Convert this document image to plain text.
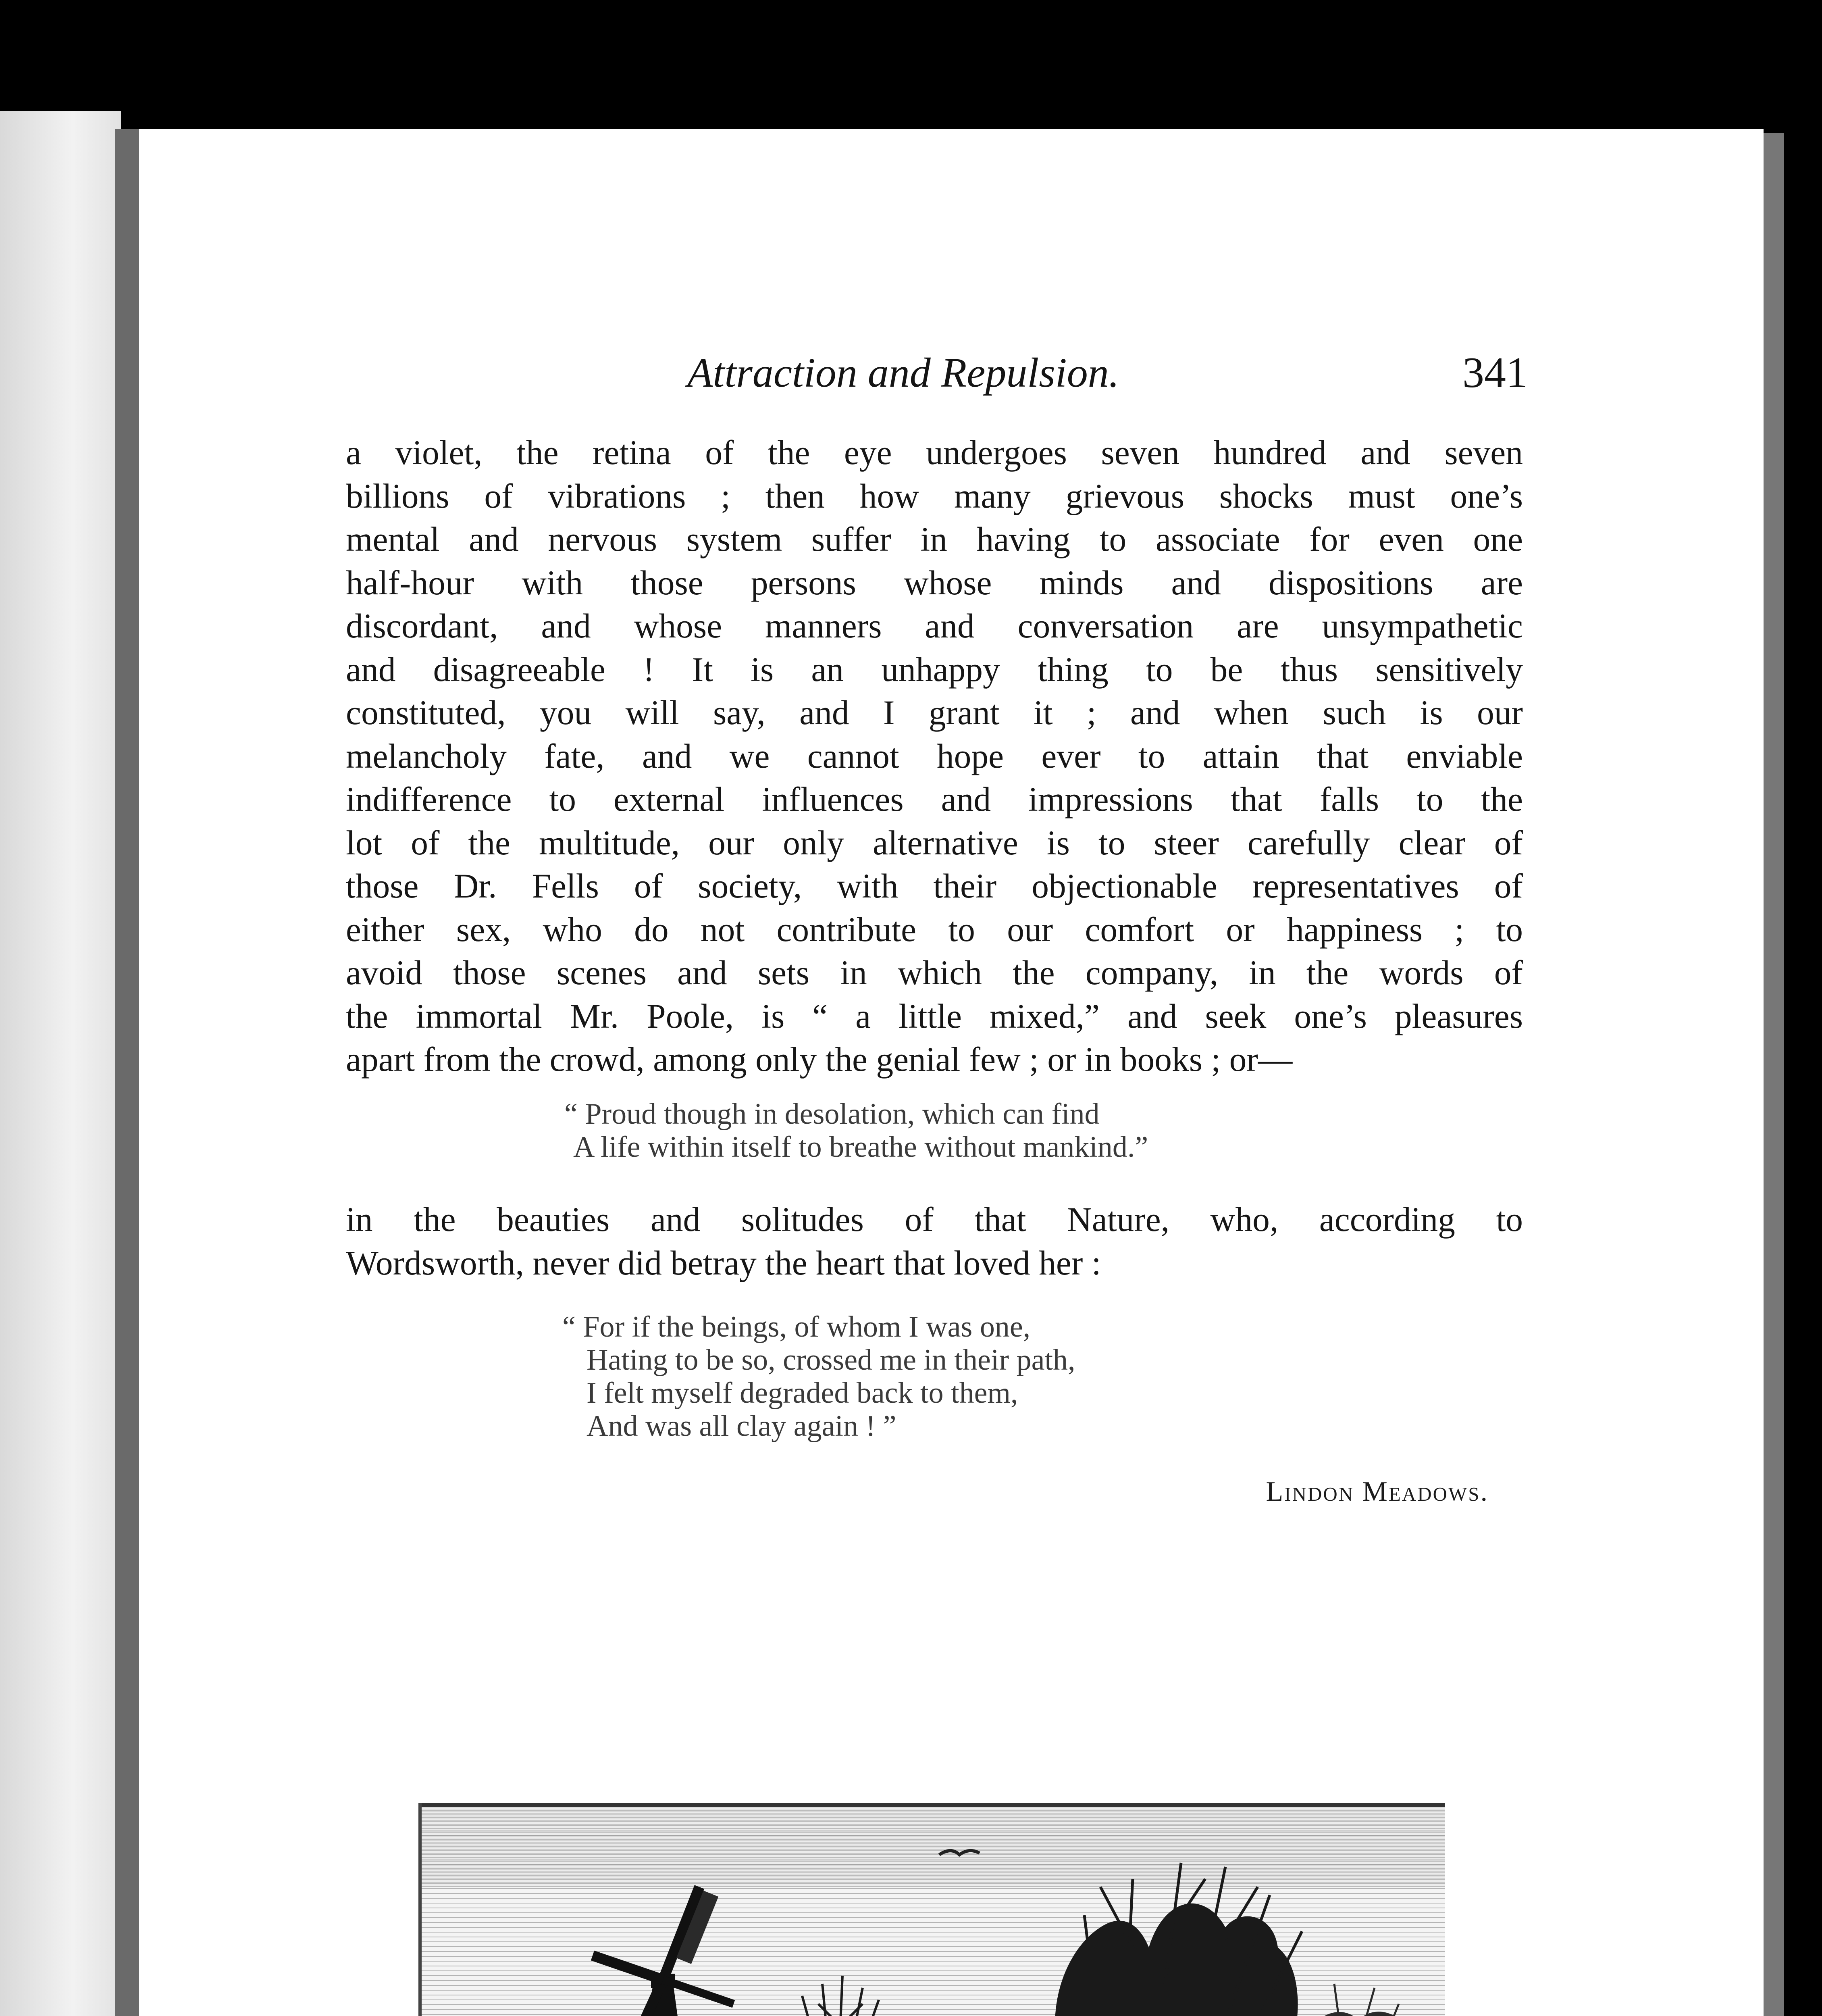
Attraction and Repulsion.	341
a violet, the retina of the eye undergoes seven hundred and seven
billions of vibrations ; then how many grievous shocks must one’s
mental and nervous system suffer in having to associate for even one
half-hour with those persons whose minds and dispositions are
discordant, and whose manners and conversation are unsympathetic
and disagreeable ! It is an unhappy thing to be thus sensitively
constituted, you will say, and I grant it ; and when such is our
melancholy fate, and we cannot hope ever to attain that enviable
indifference to external influences and impressions that falls to the
lot of the multitude, our only alternative is to steer carefully clear of
those Dr. Fells of society, with their objectionable representatives of
either sex, who do not contribute to our comfort or happiness ; to
avoid those scenes and sets in which the company, in the words of
the immortal Mr. Poole, is “ a little mixed,” and seek one’s pleasures
apart from the crowd, among only the genial few ; or in books ; or—
“ Proud though in desolation, which can find
A life within itself to breathe without mankind.”
in the beauties and solitudes of that Nature, who, according to
Wordsworth, never did betray the heart that loved her :
“ For if the beings, of whom I was one,
Hating to be so, crossed me in their path,
I felt myself degraded back to them,
And was all clay again ! ”
Lindon Meadows.
